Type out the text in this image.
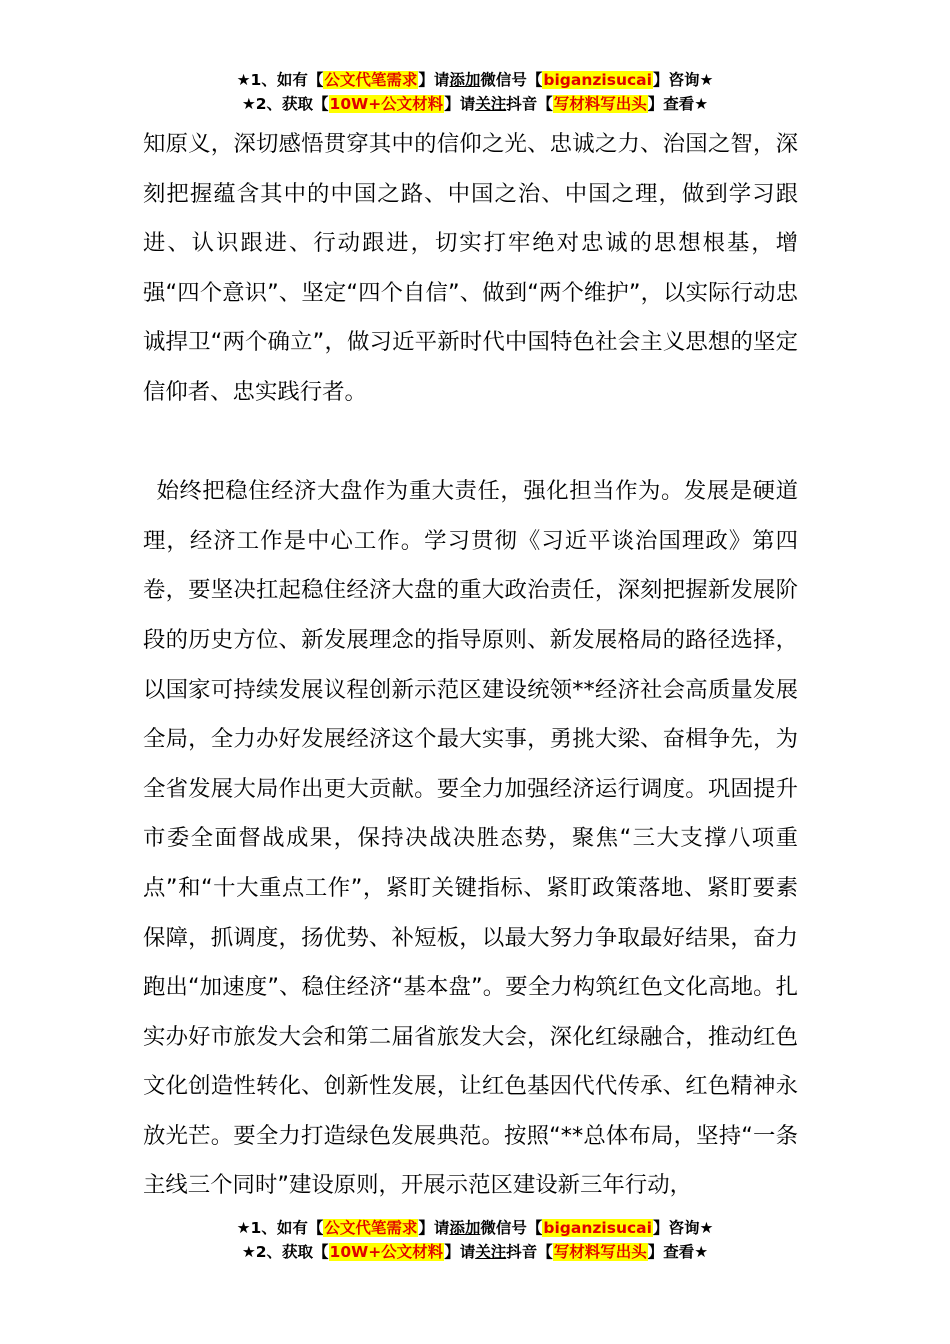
★1、如有【公文代笔需求】请添加微信号【biganzisucai】咨询★
★2、获取【10W+公文材料】请关注抖音【写材料写出头】查看★

知原义，深切感悟贯穿其中的信仰之光、忠诚之力、治国之智，深刻把握蕴含其中的中国之路、中国之治、中国之理，做到学习跟进、认识跟进、行动跟进，切实打牢绝对忠诚的思想根基，增强“四个意识”、坚定“四个自信”、做到“两个维护”，以实际行动忠诚捍卫“两个确立”，做习近平新时代中国特色社会主义思想的坚定信仰者、忠实践行者。

始终把稳住经济大盘作为重大责任，强化担当作为。发展是硬道理，经济工作是中心工作。学习贯彻《习近平谈治国理政》第四卷，要坚决扛起稳住经济大盘的重大政治责任，深刻把握新发展阶段的历史方位、新发展理念的指导原则、新发展格局的路径选择，以国家可持续发展议程创新示范区建设统领**经济社会高质量发展全局，全力办好发展经济这个最大实事，勇挑大梁、奋楫争先，为全省发展大局作出更大贡献。要全力加强经济运行调度。巩固提升市委全面督战成果，保持决战决胜态势，聚焦“三大支撑八项重点”和“十大重点工作”，紧盯关键指标、紧盯政策落地、紧盯要素保障，抓调度，扬优势、补短板，以最大努力争取最好结果，奋力跑出“加速度”、稳住经济“基本盘”。要全力构筑红色文化高地。扎实办好市旅发大会和第二届省旅发大会，深化红绿融合，推动红色文化创造性转化、创新性发展，让红色基因代代传承、红色精神永放光芒。要全力打造绿色发展典范。按照“**总体布局，坚持“一条主线三个同时”建设原则，开展示范区建设新三年行动，

★1、如有【公文代笔需求】请添加微信号【biganzisucai】咨询★
★2、获取【10W+公文材料】请关注抖音【写材料写出头】查看★
